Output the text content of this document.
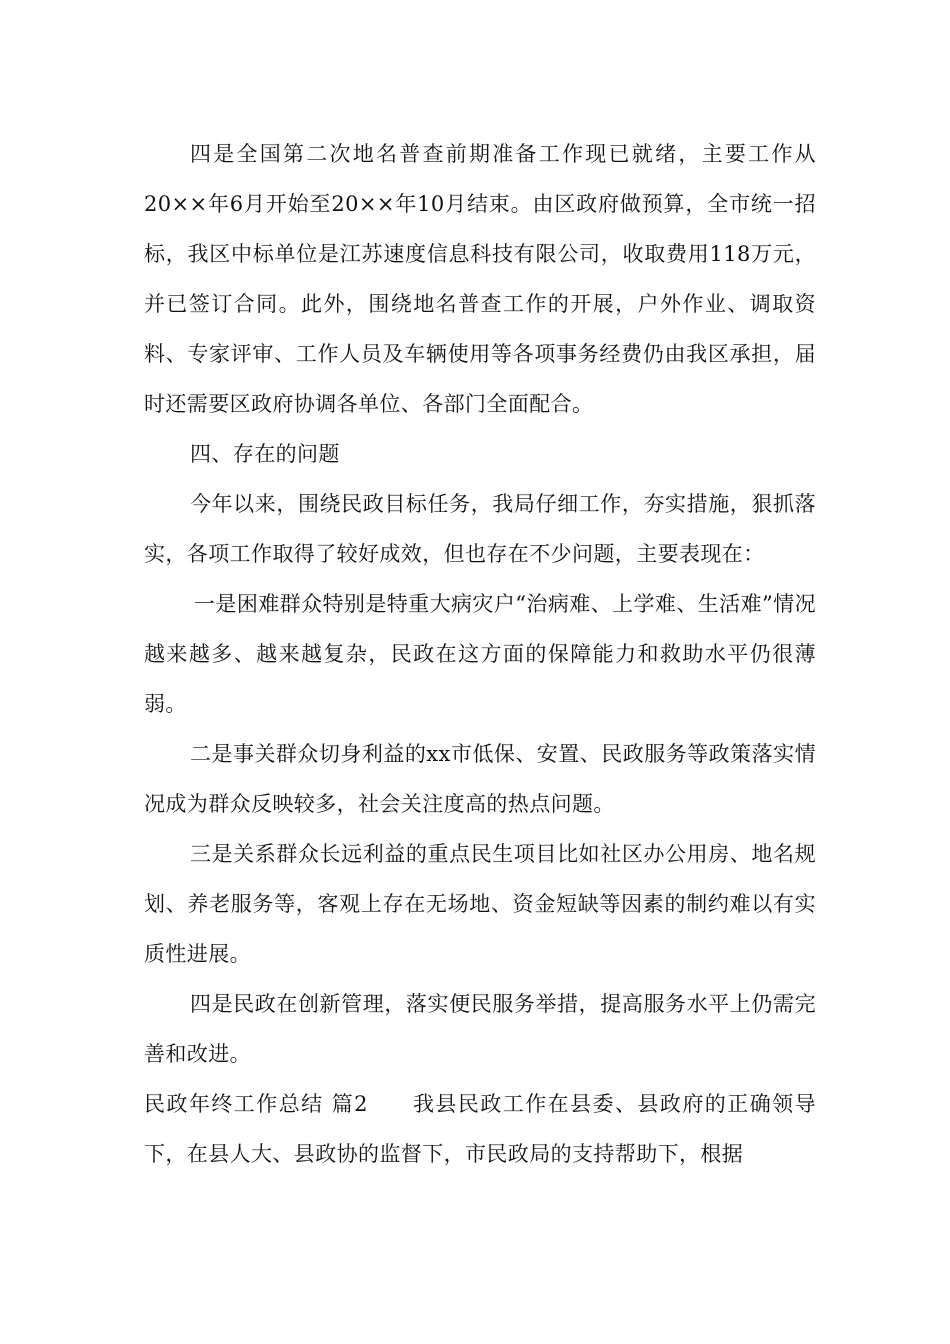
四是全国第二次地名普查前期准备工作现已就绪，主要工作从20××年6月开始至20××年10月结束。由区政府做预算，全市统一招标，我区中标单位是江苏速度信息科技有限公司，收取费用118万元，并已签订合同。此外，围绕地名普查工作的开展，户外作业、调取资料、专家评审、工作人员及车辆使用等各项事务经费仍由我区承担，届时还需要区政府协调各单位、各部门全面配合。

四、存在的问题

今年以来，围绕民政目标任务，我局仔细工作，夯实措施，狠抓落实，各项工作取得了较好成效，但也存在不少问题，主要表现在：

一是困难群众特别是特重大病灾户“治病难、上学难、生活难”情况越来越多、越来越复杂，民政在这方面的保障能力和救助水平仍很薄弱。

二是事关群众切身利益的xx市低保、安置、民政服务等政策落实情况成为群众反映较多，社会关注度高的热点问题。

三是关系群众长远利益的重点民生项目比如社区办公用房、地名规划、养老服务等，客观上存在无场地、资金短缺等因素的制约难以有实质性进展。

四是民政在创新管理，落实便民服务举措，提高服务水平上仍需完善和改进。

民政年终工作总结 篇2 我县民政工作在县委、县政府的正确领导下，在县人大、县政协的监督下，市民政局的支持帮助下，根据
